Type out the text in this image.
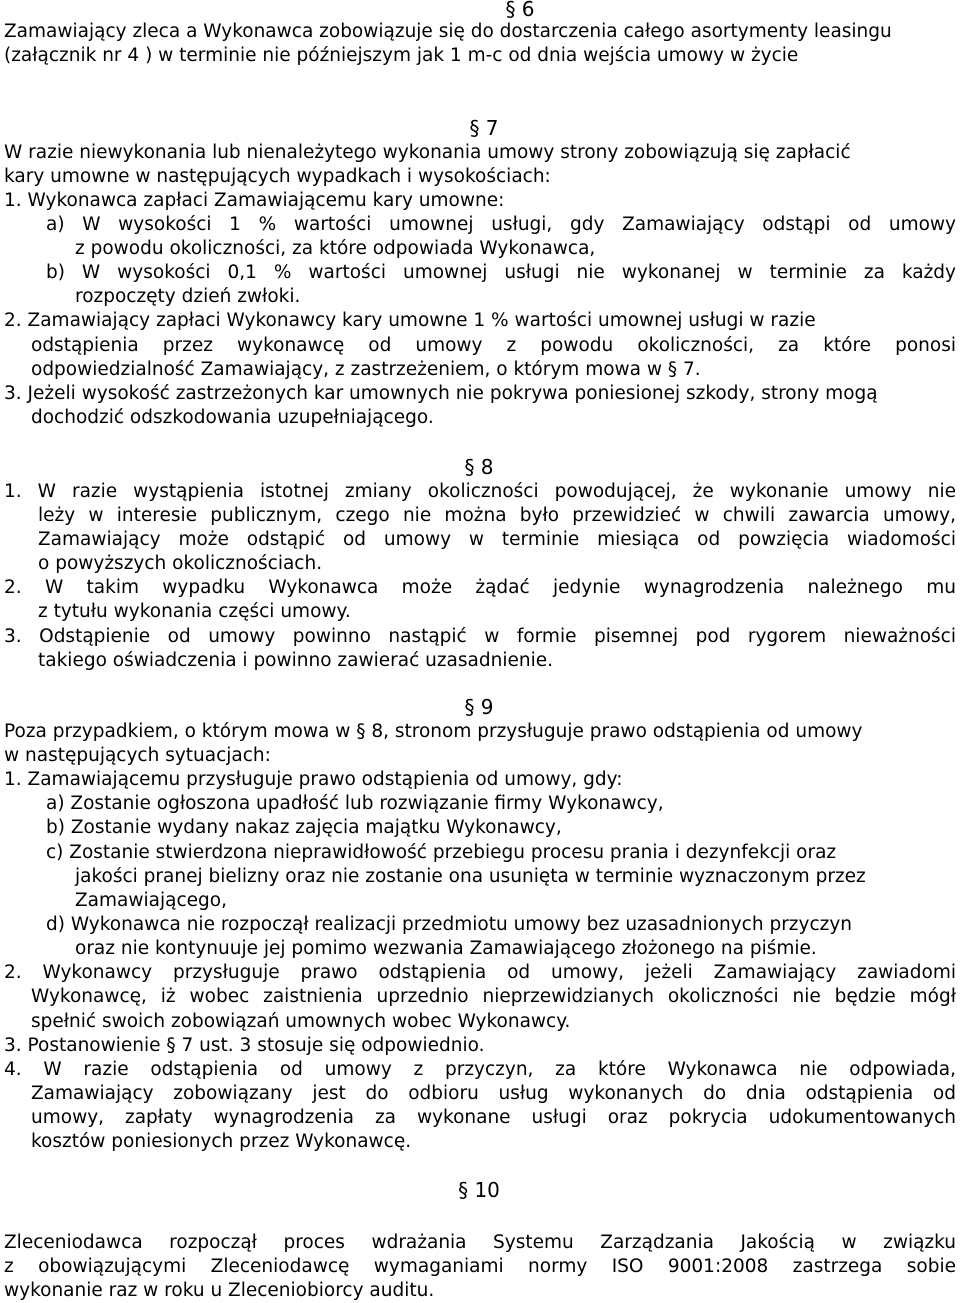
§ 6
Zamawiający zleca a Wykonawca zobowiązuje się do dostarczenia całego asortymenty leasingu
(załącznik nr 4 ) w terminie nie późniejszym jak 1 m-c od dnia wejścia umowy w życie
§ 7
W razie niewykonania lub nienależytego wykonania umowy strony zobowiązują się zapłacić
kary umowne w następujących wypadkach i wysokościach:
1. Wykonawca zapłaci Zamawiającemu kary umowne:
a) W wysokości 1 % wartości umownej usługi, gdy Zamawiający odstąpi od umowy
z powodu okoliczności, za które odpowiada Wykonawca,
b) W wysokości 0,1 % wartości umownej usługi nie wykonanej w terminie za każdy
rozpoczęty dzień zwłoki.
2. Zamawiający zapłaci Wykonawcy kary umowne 1 % wartości umownej usługi w razie
odstąpienia przez wykonawcę od umowy z powodu okoliczności, za które ponosi
odpowiedzialność Zamawiający, z zastrzeżeniem, o którym mowa w § 7.
3. Jeżeli wysokość zastrzeżonych kar umownych nie pokrywa poniesionej szkody, strony mogą
dochodzić odszkodowania uzupełniającego.
§ 8
1. W razie wystąpienia istotnej zmiany okoliczności powodującej, że wykonanie umowy nie
leży w interesie publicznym, czego nie można było przewidzieć w chwili zawarcia umowy,
Zamawiający może odstąpić od umowy w terminie miesiąca od powzięcia wiadomości
o powyższych okolicznościach.
2. W takim wypadku Wykonawca może żądać jedynie wynagrodzenia należnego mu
z tytułu wykonania części umowy.
3. Odstąpienie od umowy powinno nastąpić w formie pisemnej pod rygorem nieważności
takiego oświadczenia i powinno zawierać uzasadnienie.
§ 9
Poza przypadkiem, o którym mowa w § 8, stronom przysługuje prawo odstąpienia od umowy
w następujących sytuacjach:
1. Zamawiającemu przysługuje prawo odstąpienia od umowy, gdy:
a) Zostanie ogłoszona upadłość lub rozwiązanie firmy Wykonawcy,
b) Zostanie wydany nakaz zajęcia majątku Wykonawcy,
c) Zostanie stwierdzona nieprawidłowość przebiegu procesu prania i dezynfekcji oraz
jakości pranej bielizny oraz nie zostanie ona usunięta w terminie wyznaczonym przez
Zamawiającego,
d) Wykonawca nie rozpoczął realizacji przedmiotu umowy bez uzasadnionych przyczyn
oraz nie kontynuuje jej pomimo wezwania Zamawiającego złożonego na piśmie.
2. Wykonawcy przysługuje prawo odstąpienia od umowy, jeżeli Zamawiający zawiadomi
Wykonawcę, iż wobec zaistnienia uprzednio nieprzewidzianych okoliczności nie będzie mógł
spełnić swoich zobowiązań umownych wobec Wykonawcy.
3. Postanowienie § 7 ust. 3 stosuje się odpowiednio.
4. W razie odstąpienia od umowy z przyczyn, za które Wykonawca nie odpowiada,
Zamawiający zobowiązany jest do odbioru usług wykonanych do dnia odstąpienia od
umowy, zapłaty wynagrodzenia za wykonane usługi oraz pokrycia udokumentowanych
kosztów poniesionych przez Wykonawcę.
§ 10
Zleceniodawca rozpoczął proces wdrażania Systemu Zarządzania Jakością w związku
z obowiązującymi Zleceniodawcę wymaganiami normy ISO 9001:2008 zastrzega sobie
wykonanie raz w roku u Zleceniobiorcy auditu.
